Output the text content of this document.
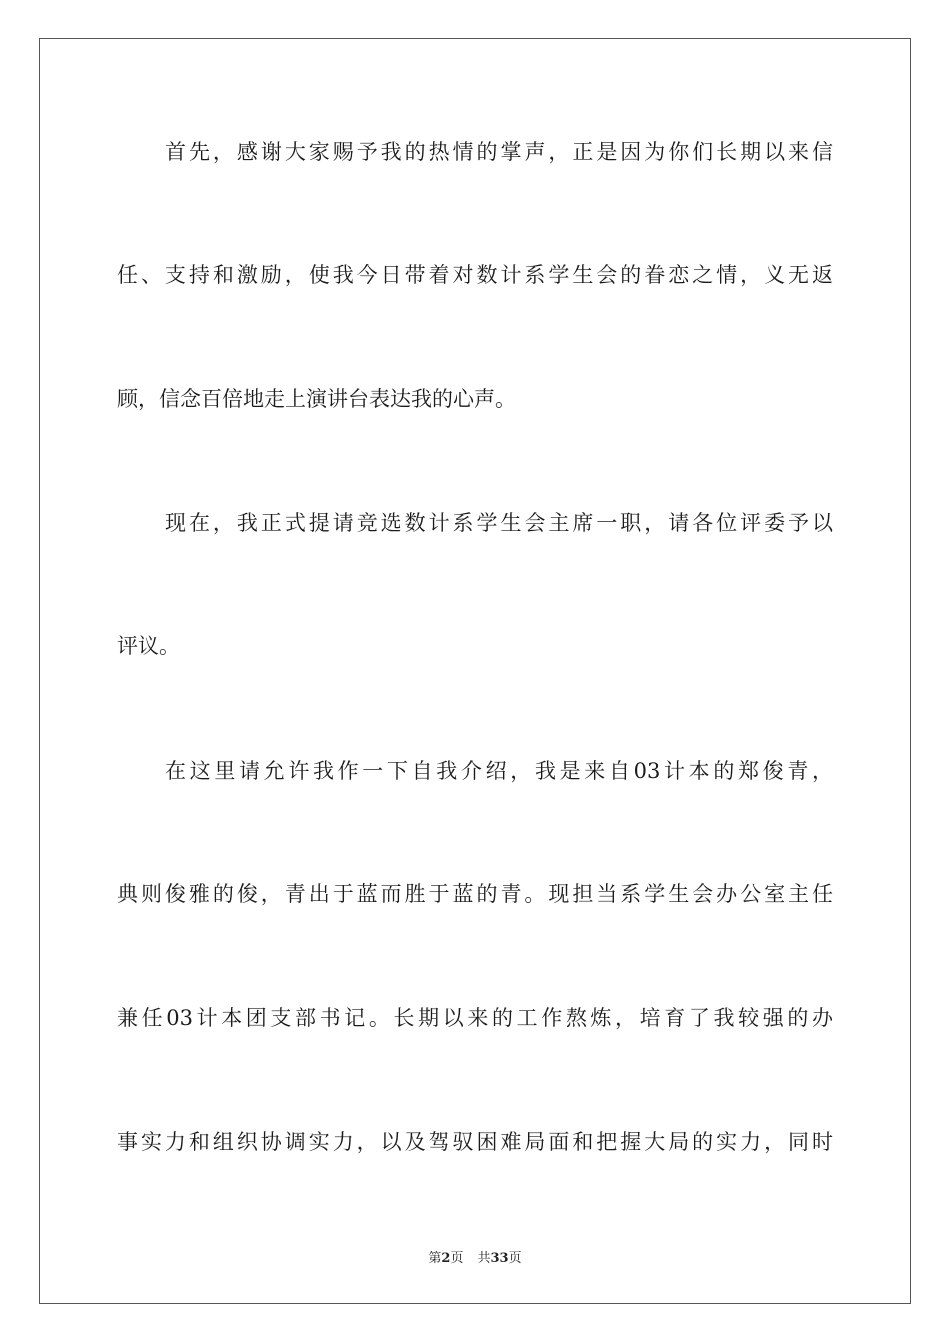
首先，感谢大家赐予我的热情的掌声，正是因为你们长期以来信
任、支持和激励，使我今日带着对数计系学生会的眷恋之情，义无返
顾，信念百倍地走上演讲台表达我的心声。
现在，我正式提请竞选数计系学生会主席一职，请各位评委予以
评议。
在这里请允许我作一下自我介绍，我是来自03计本的郑俊青，
典则俊雅的俊，青出于蓝而胜于蓝的青。现担当系学生会办公室主任
兼任03计本团支部书记。长期以来的工作熬炼，培育了我较强的办
事实力和组织协调实力，以及驾驭困难局面和把握大局的实力，同时
第2页 共33页
